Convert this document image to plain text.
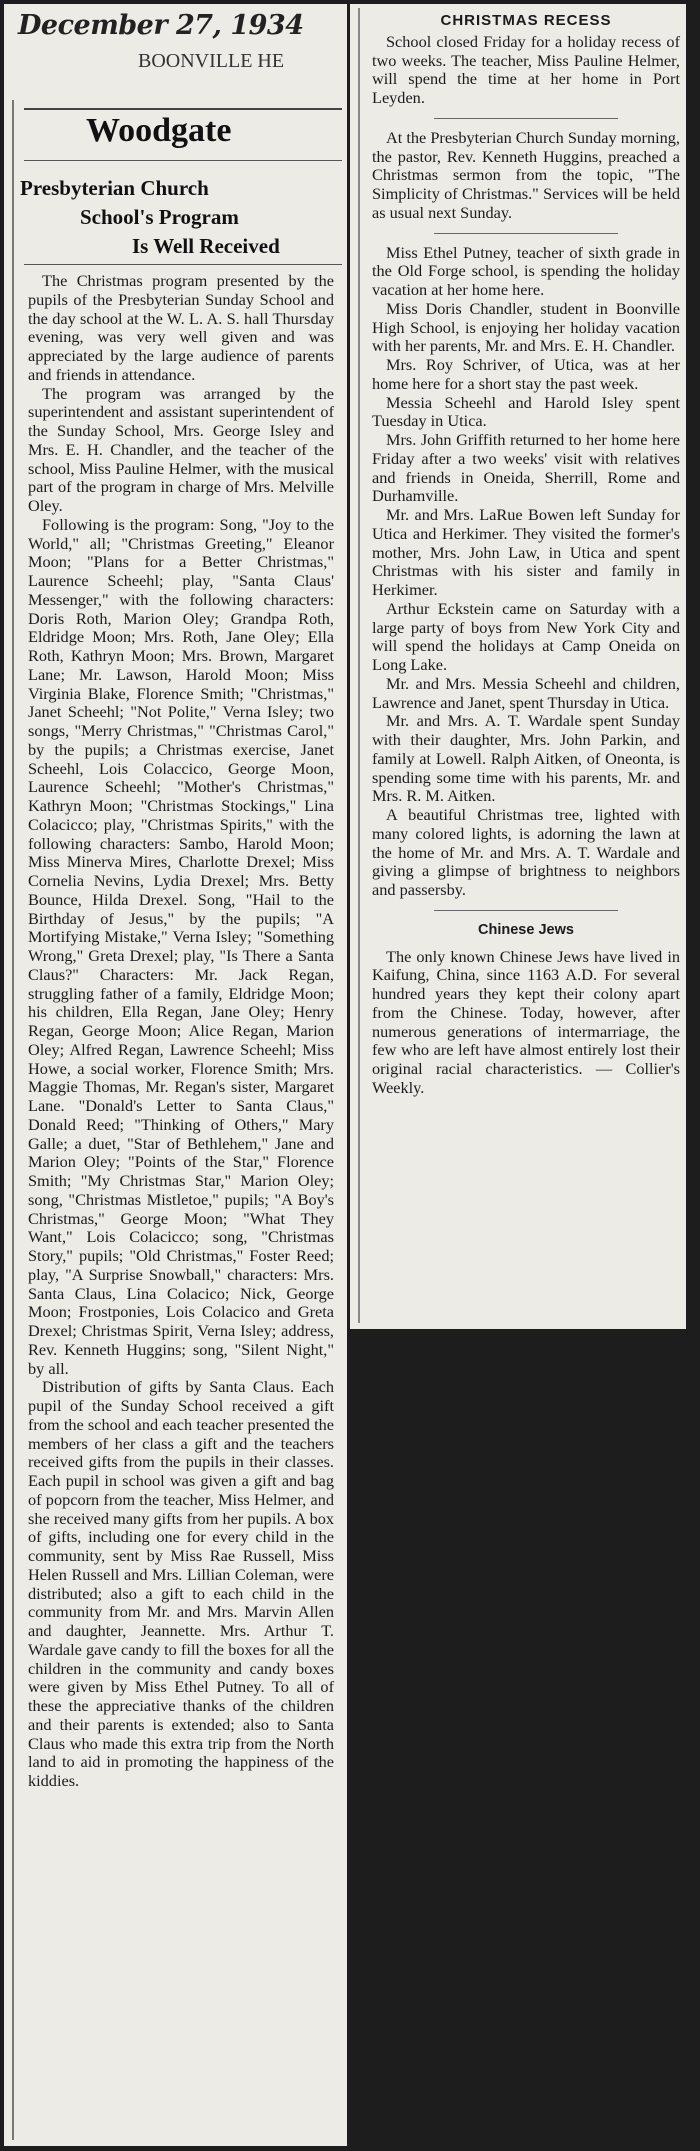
December 27, 1934
BOONVILLE HE
Woodgate
Presbyterian Church
School's Program
Is Well Received

The Christmas program presented by the pupils of the Presbyterian Sunday School and the day school at the W. L. A. S. hall Thursday evening, was very well given and was appreciated by the large audience of parents and friends in attendance.

The program was arranged by the superintendent and assistant superintendent of the Sunday School, Mrs. George Isley and Mrs. E. H. Chandler, and the teacher of the school, Miss Pauline Helmer, with the musical part of the program in charge of Mrs. Melville Oley.

Following is the program: Song, "Joy to the World," all; "Christmas Greeting," Eleanor Moon; "Plans for a Better Christmas," Laurence Scheehl; play, "Santa Claus' Messenger," with the following characters: Doris Roth, Marion Oley; Grandpa Roth, Eldridge Moon; Mrs. Roth, Jane Oley; Ella Roth, Kathryn Moon; Mrs. Brown, Margaret Lane; Mr. Lawson, Harold Moon; Miss Virginia Blake, Florence Smith; "Christmas," Janet Scheehl; "Not Polite," Verna Isley; two songs, "Merry Christmas," "Christmas Carol," by the pupils; a Christmas exercise, Janet Scheehl, Lois Colaccico, George Moon, Laurence Scheehl; "Mother's Christmas," Kathryn Moon; "Christmas Stockings," Lina Colacicco; play, "Christmas Spirits," with the following characters: Sambo, Harold Moon; Miss Minerva Mires, Charlotte Drexel; Miss Cornelia Nevins, Lydia Drexel; Mrs. Betty Bounce, Hilda Drexel. Song, "Hail to the Birthday of Jesus," by the pupils; "A Mortifying Mistake," Verna Isley; "Something Wrong," Greta Drexel; play, "Is There a Santa Claus?" Characters: Mr. Jack Regan, struggling father of a family, Eldridge Moon; his children, Ella Regan, Jane Oley; Henry Regan, George Moon; Alice Regan, Marion Oley; Alfred Regan, Lawrence Scheehl; Miss Howe, a social worker, Florence Smith; Mrs. Maggie Thomas, Mr. Regan's sister, Margaret Lane. "Donald's Letter to Santa Claus," Donald Reed; "Thinking of Others," Mary Galle; a duet, "Star of Bethlehem," Jane and Marion Oley; "Points of the Star," Florence Smith; "My Christmas Star," Marion Oley; song, "Christmas Mistletoe," pupils; "A Boy's Christmas," George Moon; "What They Want," Lois Colacicco; song, "Christmas Story," pupils; "Old Christmas," Foster Reed; play, "A Surprise Snowball," characters: Mrs. Santa Claus, Lina Colacico; Nick, George Moon; Frostponies, Lois Colacico and Greta Drexel; Christmas Spirit, Verna Isley; address, Rev. Kenneth Huggins; song, "Silent Night," by all.

Distribution of gifts by Santa Claus. Each pupil of the Sunday School received a gift from the school and each teacher presented the members of her class a gift and the teachers received gifts from the pupils in their classes. Each pupil in school was given a gift and bag of popcorn from the teacher, Miss Helmer, and she received many gifts from her pupils. A box of gifts, including one for every child in the community, sent by Miss Rae Russell, Miss Helen Russell and Mrs. Lillian Coleman, were distributed; also a gift to each child in the community from Mr. and Mrs. Marvin Allen and daughter, Jeannette. Mrs. Arthur T. Wardale gave candy to fill the boxes for all the children in the community and candy boxes were given by Miss Ethel Putney. To all of these the appreciative thanks of the children and their parents is extended; also to Santa Claus who made this extra trip from the North land to aid in promoting the happiness of the kiddies.

CHRISTMAS RECESS

School closed Friday for a holiday recess of two weeks. The teacher, Miss Pauline Helmer, will spend the time at her home in Port Leyden.

At the Presbyterian Church Sunday morning, the pastor, Rev. Kenneth Huggins, preached a Christmas sermon from the topic, "The Simplicity of Christmas." Services will be held as usual next Sunday.

Miss Ethel Putney, teacher of sixth grade in the Old Forge school, is spending the holiday vacation at her home here.

Miss Doris Chandler, student in Boonville High School, is enjoying her holiday vacation with her parents, Mr. and Mrs. E. H. Chandler.

Mrs. Roy Schriver, of Utica, was at her home here for a short stay the past week.

Messia Scheehl and Harold Isley spent Tuesday in Utica.

Mrs. John Griffith returned to her home here Friday after a two weeks' visit with relatives and friends in Oneida, Sherrill, Rome and Durhamville.

Mr. and Mrs. LaRue Bowen left Sunday for Utica and Herkimer. They visited the former's mother, Mrs. John Law, in Utica and spent Christmas with his sister and family in Herkimer.

Arthur Eckstein came on Saturday with a large party of boys from New York City and will spend the holidays at Camp Oneida on Long Lake.

Mr. and Mrs. Messia Scheehl and children, Lawrence and Janet, spent Thursday in Utica.

Mr. and Mrs. A. T. Wardale spent Sunday with their daughter, Mrs. John Parkin, and family at Lowell. Ralph Aitken, of Oneonta, is spending some time with his parents, Mr. and Mrs. R. M. Aitken.

A beautiful Christmas tree, lighted with many colored lights, is adorning the lawn at the home of Mr. and Mrs. A. T. Wardale and giving a glimpse of brightness to neighbors and passersby.

Chinese Jews

The only known Chinese Jews have lived in Kaifung, China, since 1163 A.D. For several hundred years they kept their colony apart from the Chinese. Today, however, after numerous generations of intermarriage, the few who are left have almost entirely lost their original racial characteristics. — Collier's Weekly.
